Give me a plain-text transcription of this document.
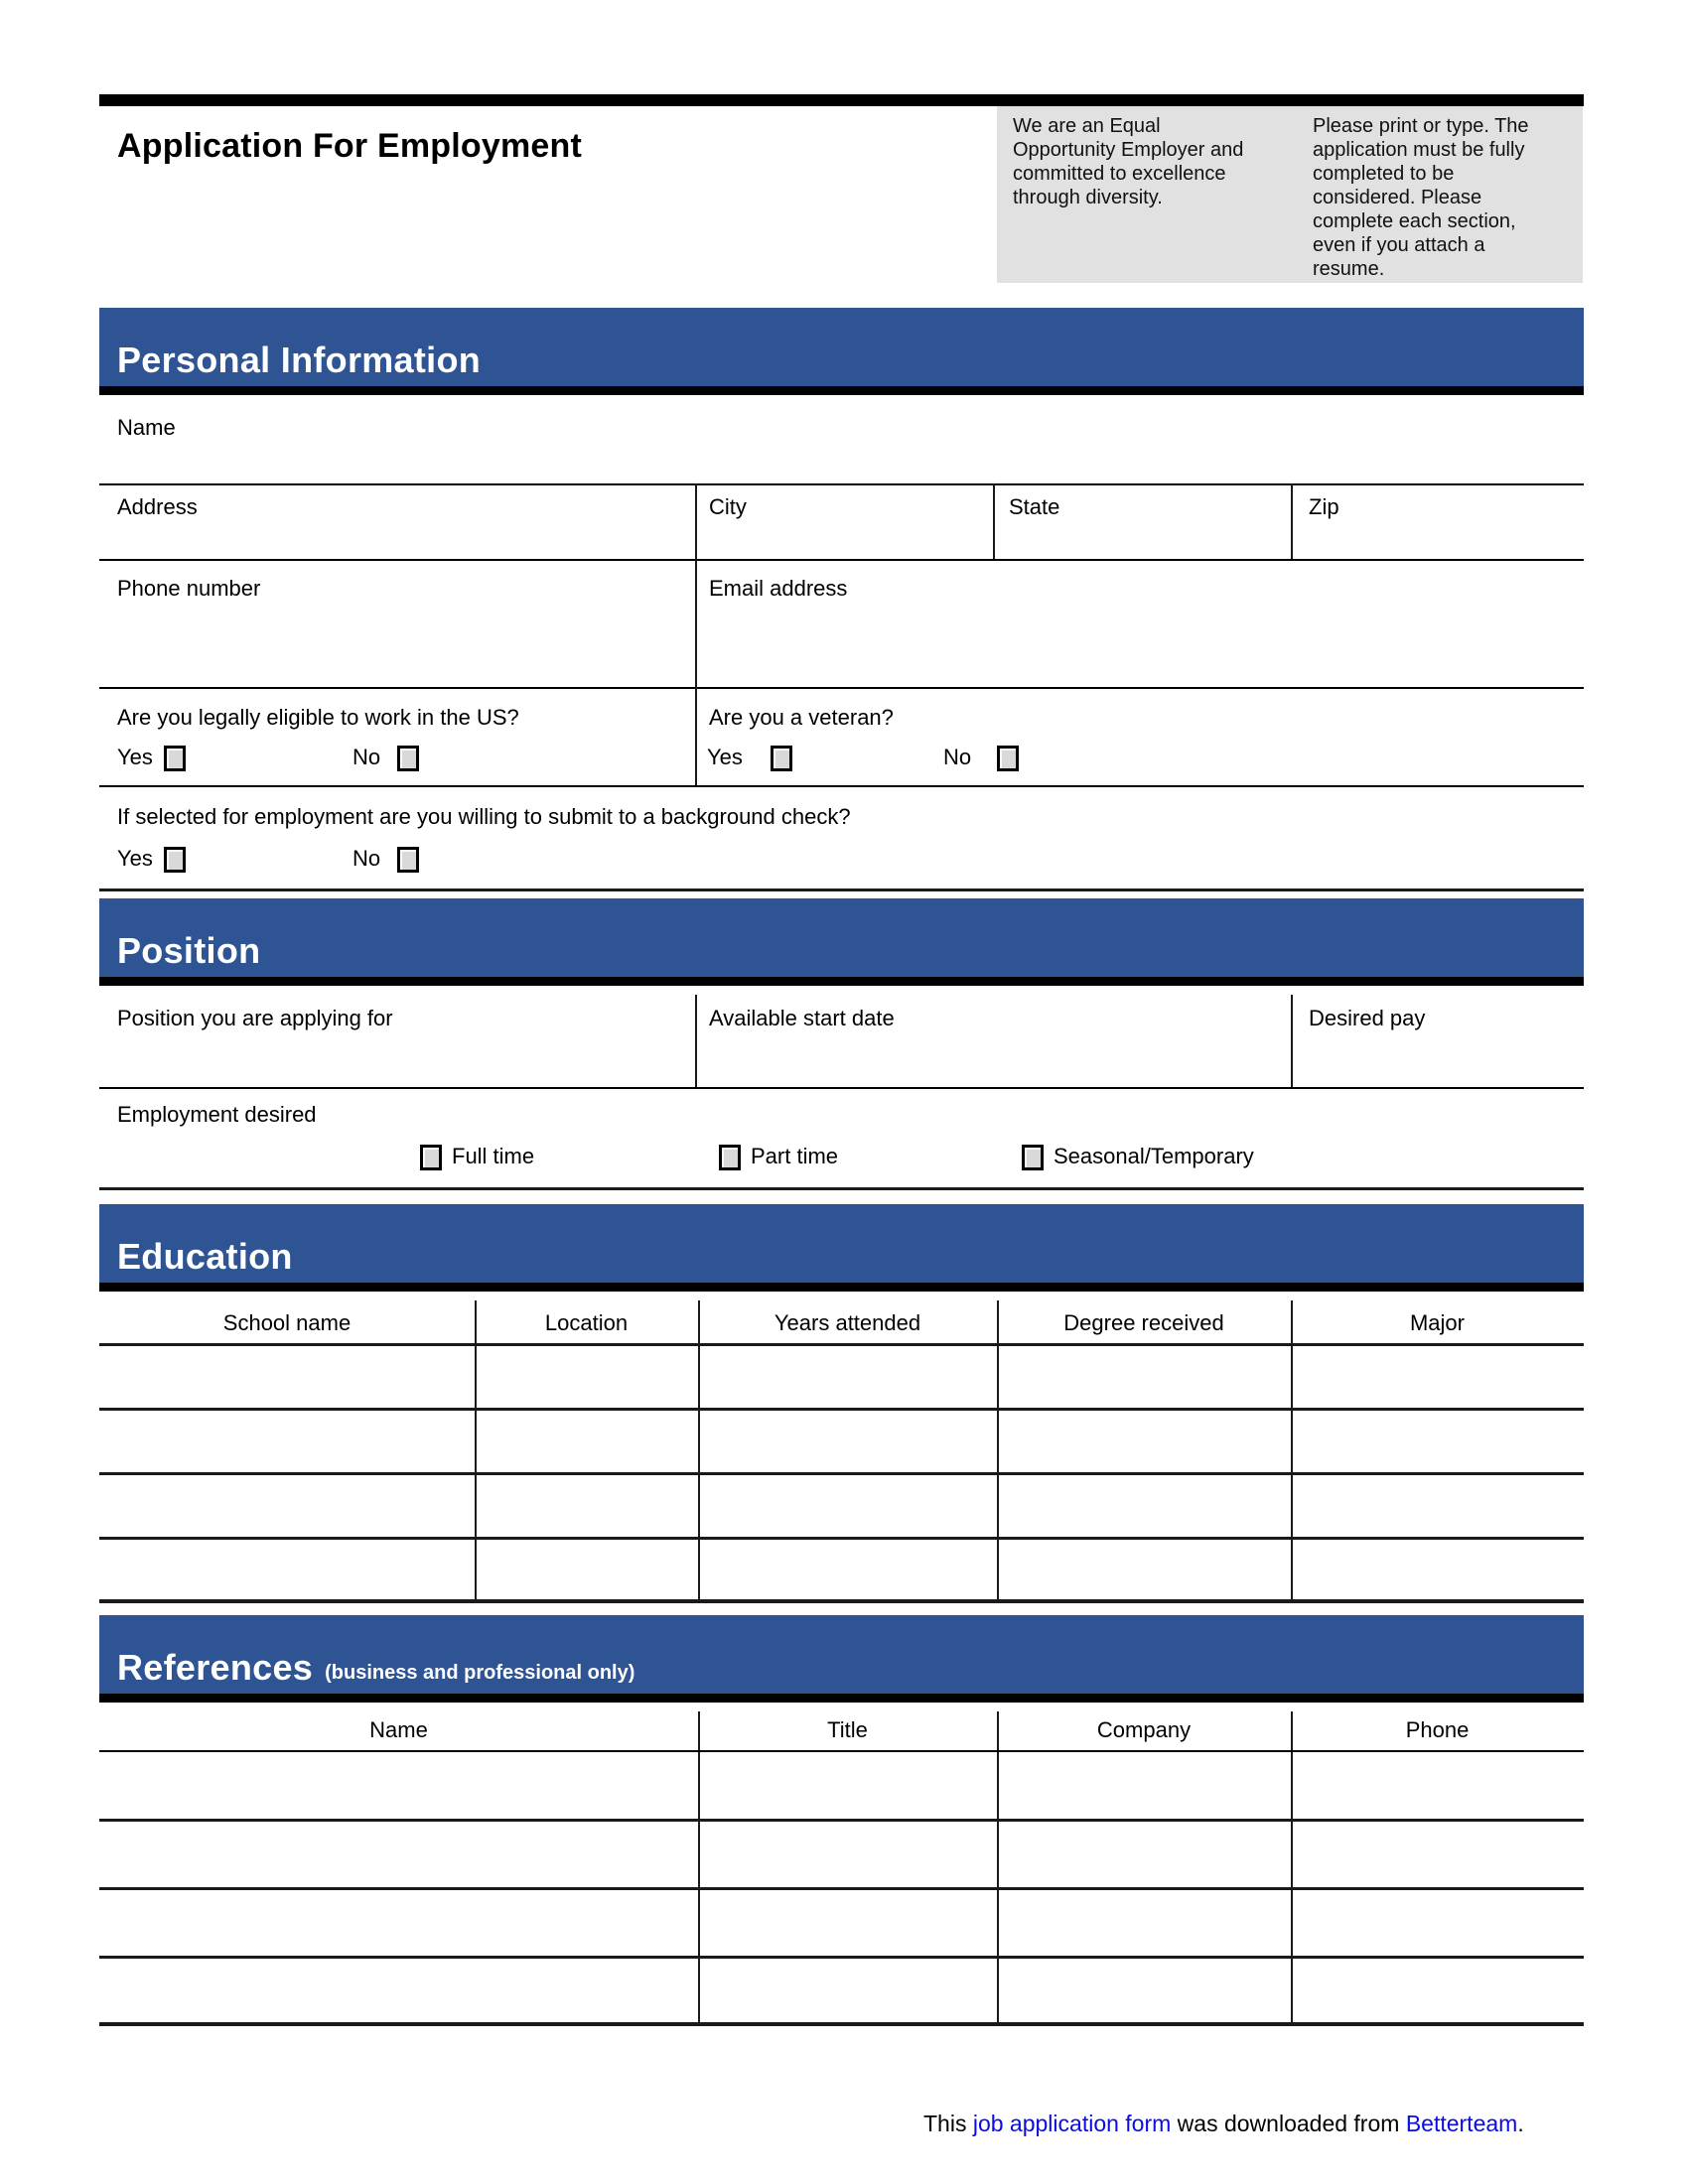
Application For Employment
We are an Equal Opportunity Employer and committed to excellence through diversity.
Please print or type. The application must be fully completed to be considered. Please complete each section, even if you attach a resume.
Personal Information
Name
Address	City	State	Zip
Phone number	Email address
Are you legally eligible to work in the US?	Are you a veteran?
Yes	No	Yes	No
If selected for employment are you willing to submit to a background check?
Yes	No
Position
Position you are applying for	Available start date	Desired pay
Employment desired
Full time	Part time	Seasonal/Temporary
Education
School name	Location	Years attended	Degree received	Major
References (business and professional only)
Name	Title	Company	Phone
This job application form was downloaded from Betterteam.
